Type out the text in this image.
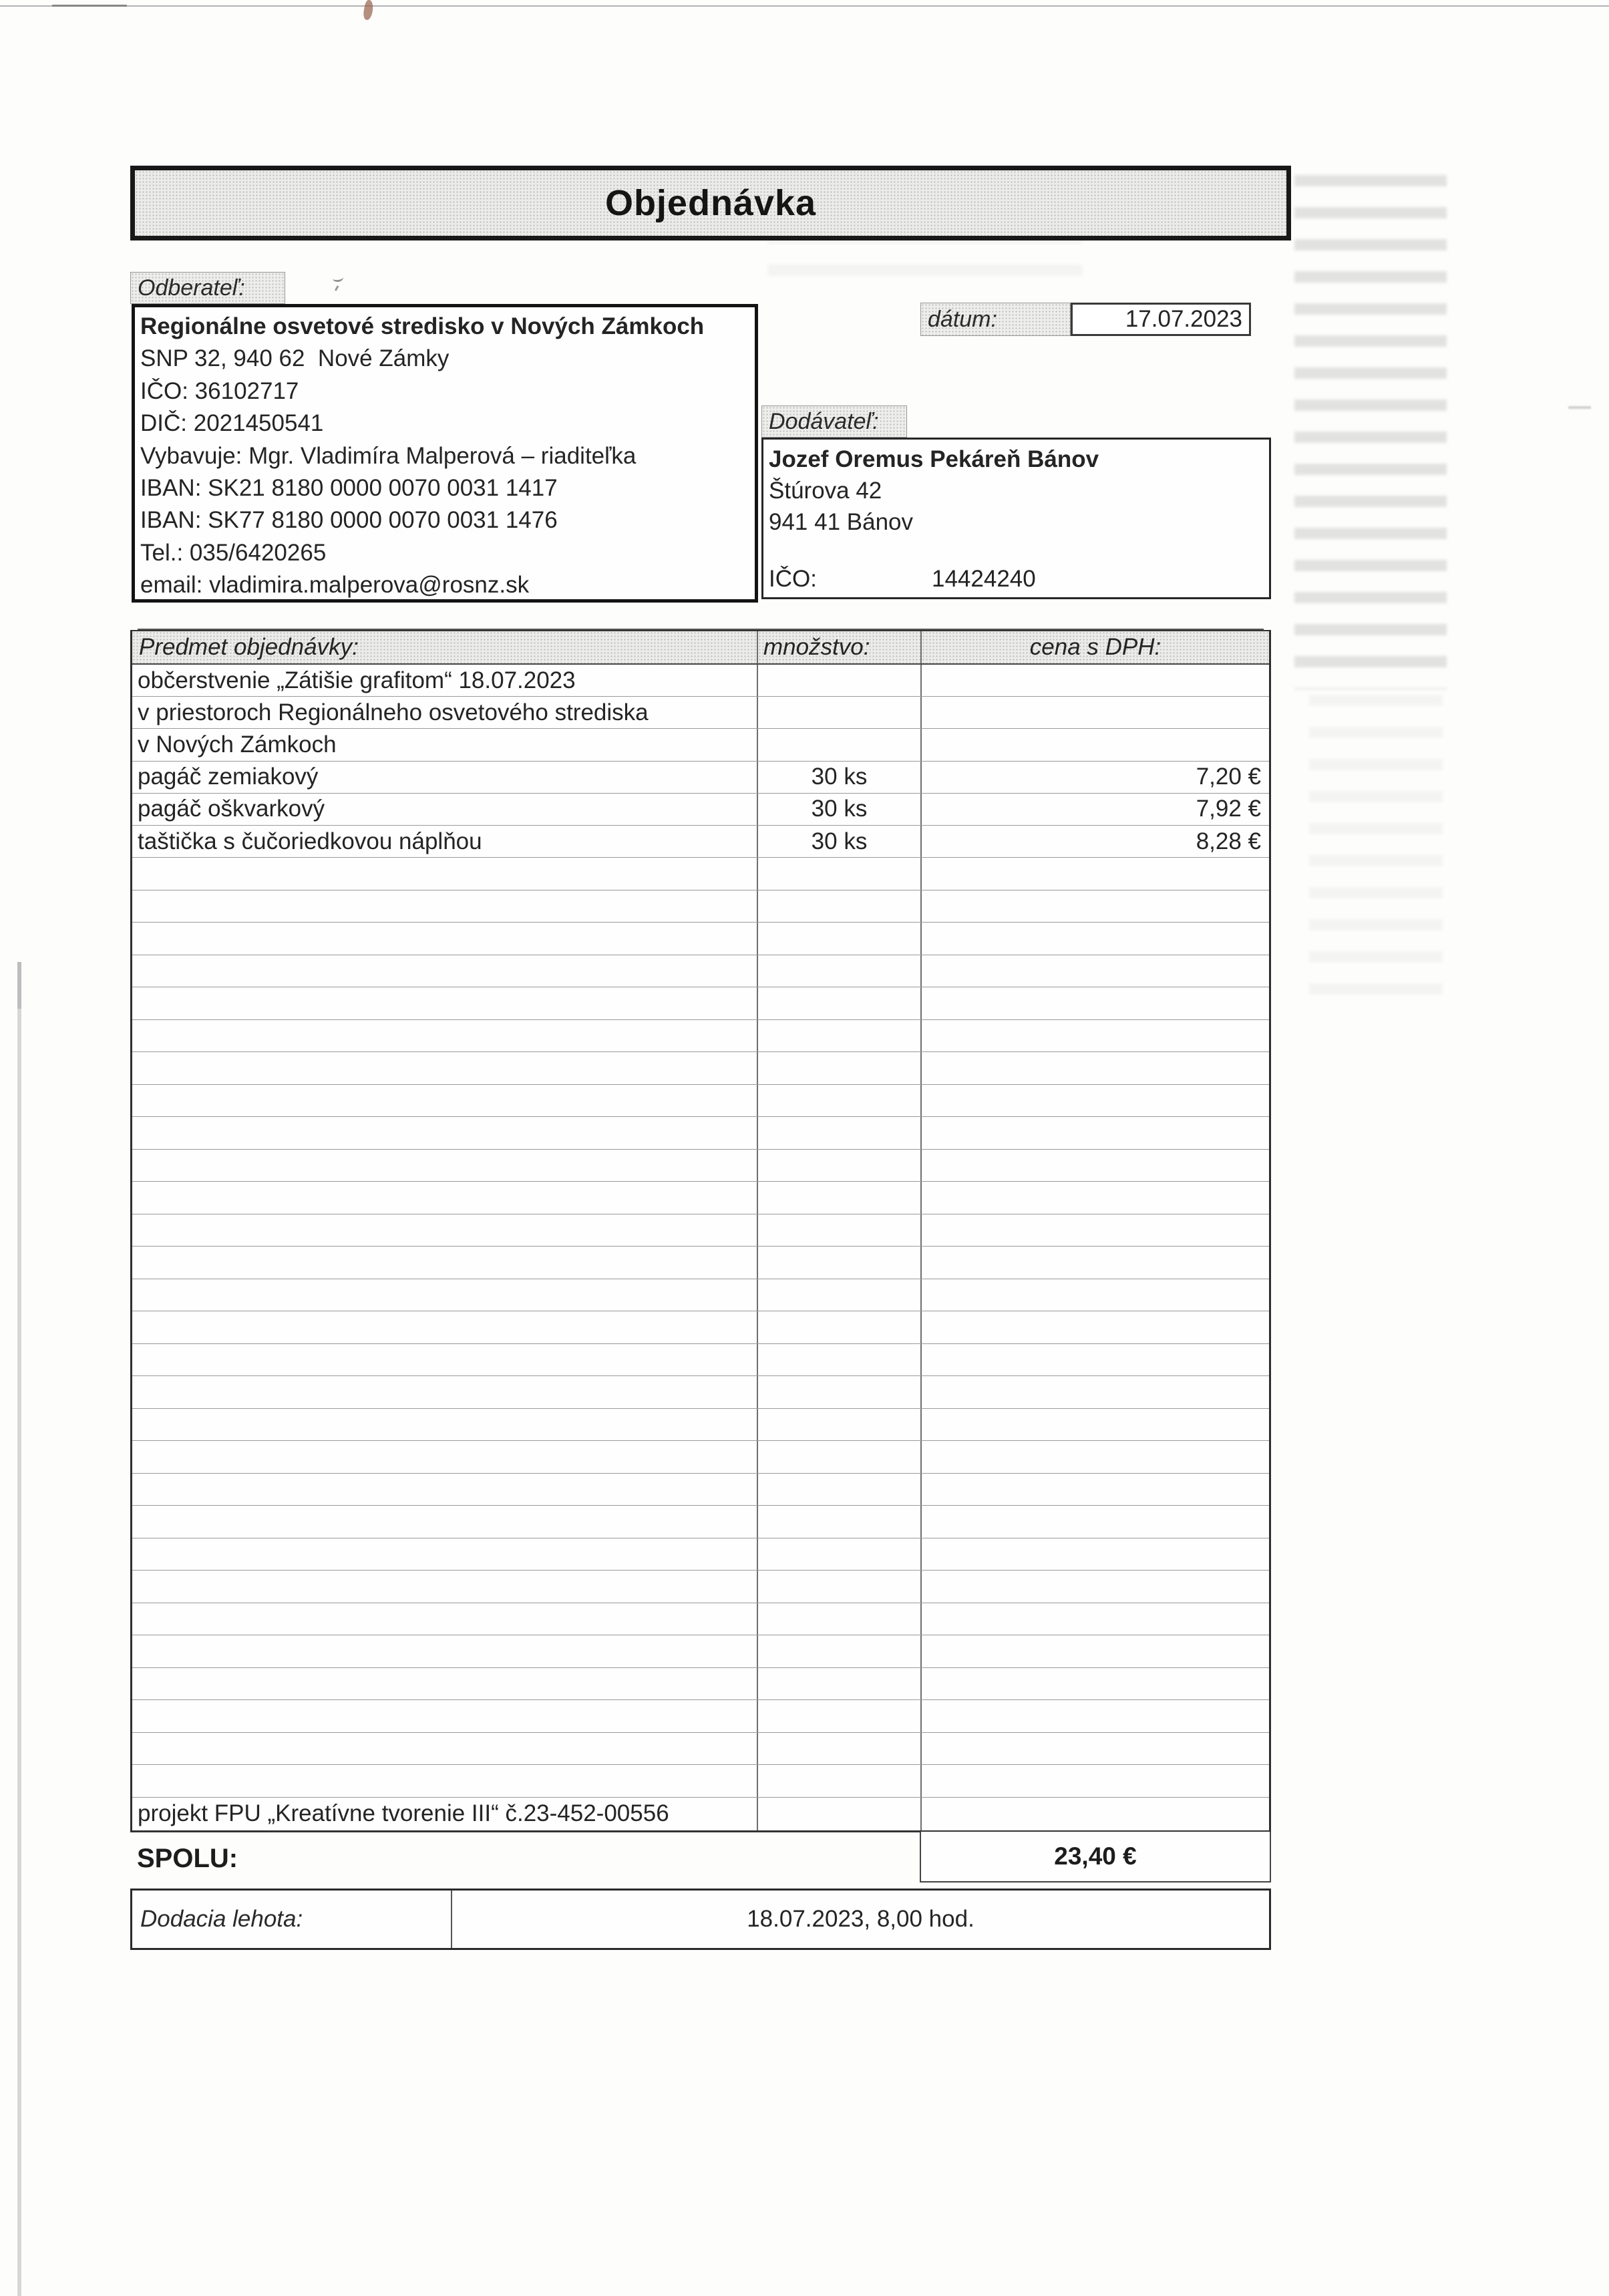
Objednávka
Odberateľ:
Regionálne osvetové stredisko v Nových Zámkoch
SNP 32, 940 62  Nové Zámky
IČO: 36102717
DIČ: 2021450541
Vybavuje: Mgr. Vladimíra Malperová – riaditeľka
IBAN: SK21 8180 0000 0070 0031 1417
IBAN: SK77 8180 0000 0070 0031 1476
Tel.: 035/6420265
email: vladimira.malperova@rosnz.sk
dátum:	17.07.2023
Dodávateľ:
Jozef Oremus Pekáreň Bánov
Štúrova 42
941 41 Bánov
IČO:	14424240
Predmet objednávky:	množstvo:	cena s DPH:
občerstvenie „Zátišie grafitom“ 18.07.2023
v priestoroch Regionálneho osvetového strediska
v Nových Zámkoch
pagáč zemiakový	30 ks	7,20 €
pagáč oškvarkový	30 ks	7,92 €
taštička s čučoriedkovou náplňou	30 ks	8,28 €
projekt FPU „Kreatívne tvorenie III“ č.23-452-00556
SPOLU:	23,40 €
Dodacia lehota:	18.07.2023, 8,00 hod.
